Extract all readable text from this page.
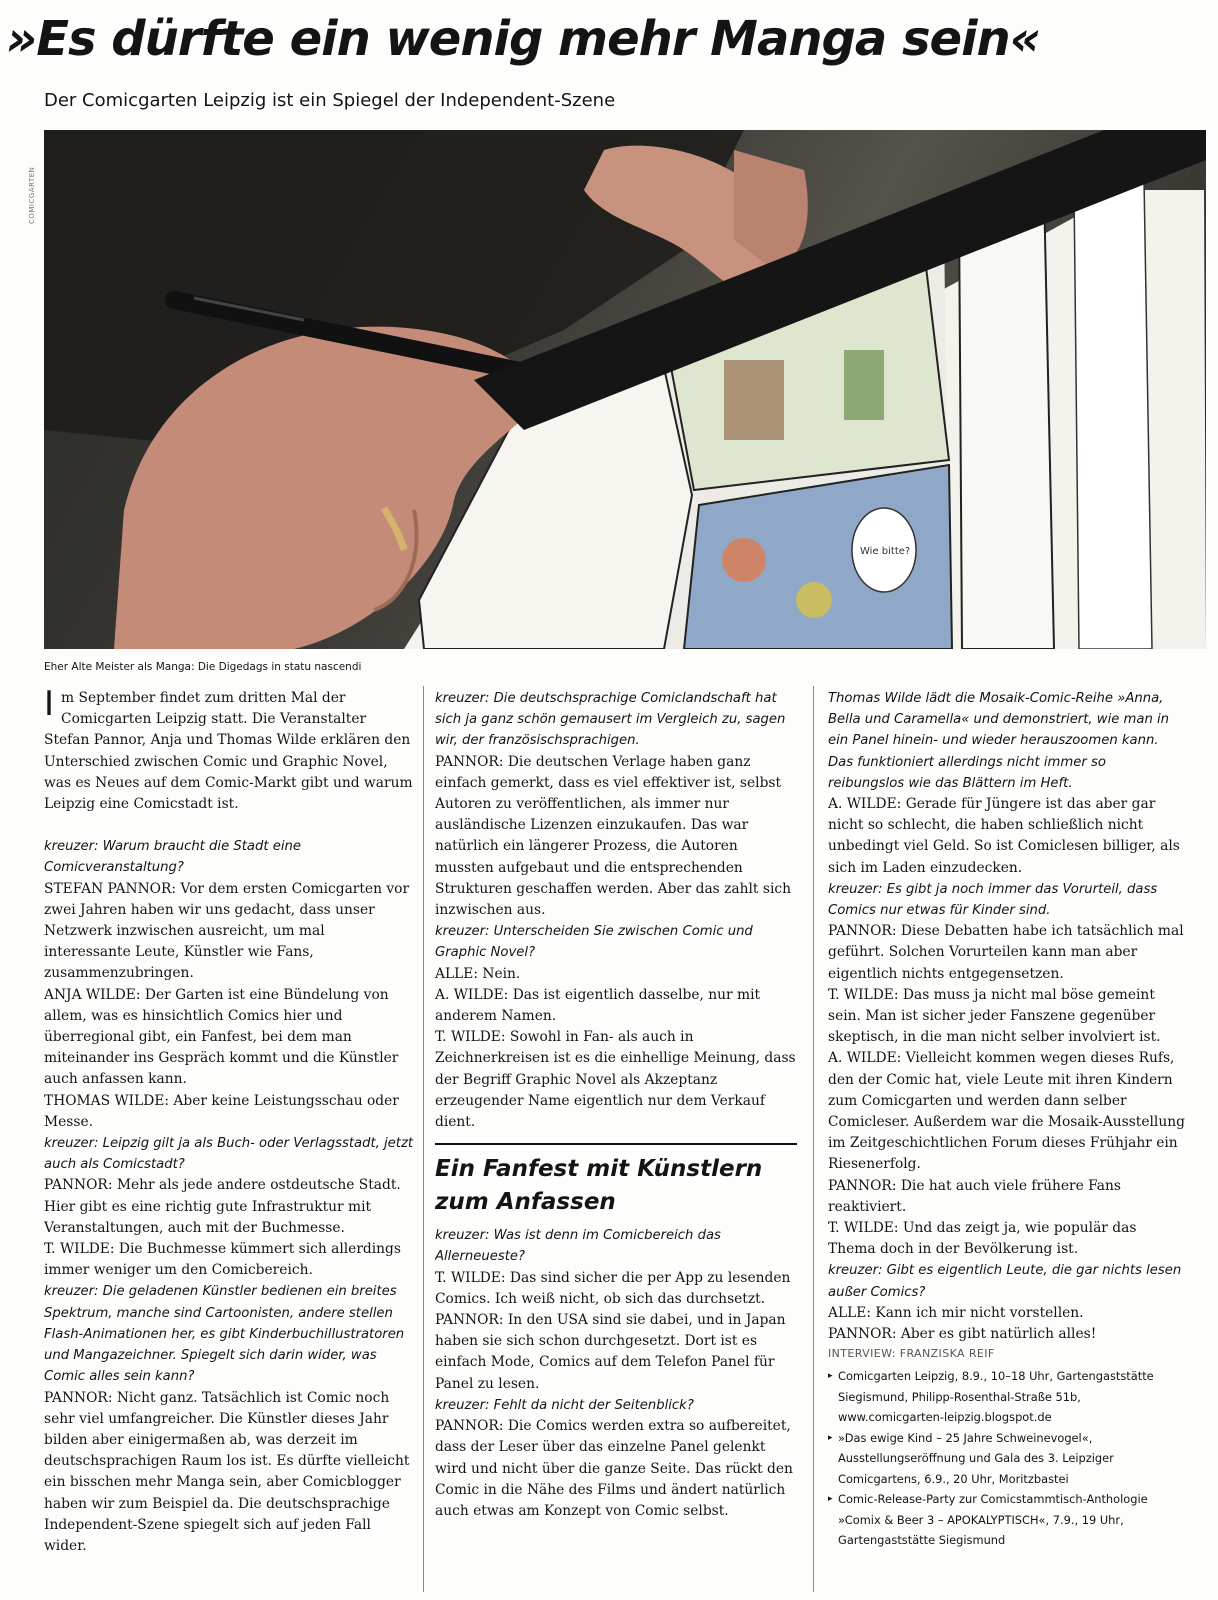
»Es dürfte ein wenig mehr Manga sein«

Der Comicgarten Leipzig ist ein Spiegel der Independent-Szene

COMICGARTEN
Wie bitte?

Eher Alte Meister als Manga: Die Digedags in statu nascendi

Im September findet zum dritten Mal der Comicgarten Leipzig statt. Die Veranstalter Stefan Pannor, Anja und Thomas Wilde erklären den Unterschied zwischen Comic und Graphic Novel, was es Neues auf dem Comic-Markt gibt und warum Leipzig eine Comicstadt ist.

kreuzer: Warum braucht die Stadt eine Comicveranstaltung?

STEFAN PANNOR: Vor dem ersten Comicgarten vor zwei Jahren haben wir uns gedacht, dass unser Netzwerk inzwischen ausreicht, um mal interessante Leute, Künstler wie Fans, zusammenzubringen.

ANJA WILDE: Der Garten ist eine Bündelung von allem, was es hinsichtlich Comics hier und überregional gibt, ein Fanfest, bei dem man miteinander ins Gespräch kommt und die Künstler auch anfassen kann.

THOMAS WILDE: Aber keine Leistungsschau oder Messe.

kreuzer: Leipzig gilt ja als Buch- oder Verlagsstadt, jetzt auch als Comicstadt?

PANNOR: Mehr als jede andere ostdeutsche Stadt. Hier gibt es eine richtig gute Infrastruktur mit Veranstaltungen, auch mit der Buchmesse.

T. WILDE: Die Buchmesse kümmert sich allerdings immer weniger um den Comicbereich.

kreuzer: Die geladenen Künstler bedienen ein breites Spektrum, manche sind Cartoonisten, andere stellen Flash-Animationen her, es gibt Kinderbuchillustratoren und Mangazeichner. Spiegelt sich darin wider, was Comic alles sein kann?

PANNOR: Nicht ganz. Tatsächlich ist Comic noch sehr viel umfangreicher. Die Künstler dieses Jahr bilden aber einigermaßen ab, was derzeit im deutschsprachigen Raum los ist. Es dürfte vielleicht ein bisschen mehr Manga sein, aber Comicblogger haben wir zum Beispiel da. Die deutschsprachige Independent-Szene spiegelt sich auf jeden Fall wider.

kreuzer: Die deutschsprachige Comiclandschaft hat sich ja ganz schön gemausert im Vergleich zu, sagen wir, der französischsprachigen.

PANNOR: Die deutschen Verlage haben ganz einfach gemerkt, dass es viel effektiver ist, selbst Autoren zu veröffentlichen, als immer nur ausländische Lizenzen einzukaufen. Das war natürlich ein längerer Prozess, die Autoren mussten aufgebaut und die entsprechenden Strukturen geschaffen werden. Aber das zahlt sich inzwischen aus.

kreuzer: Unterscheiden Sie zwischen Comic und Graphic Novel?

ALLE: Nein.

A. WILDE: Das ist eigentlich dasselbe, nur mit anderem Namen.

T. WILDE: Sowohl in Fan- als auch in Zeichnerkreisen ist es die einhellige Meinung, dass der Begriff Graphic Novel als Akzeptanz erzeugender Name eigentlich nur dem Verkauf dient.

Ein Fanfest mit Künstlern zum Anfassen

kreuzer: Was ist denn im Comicbereich das Allerneueste?

T. WILDE: Das sind sicher die per App zu lesenden Comics. Ich weiß nicht, ob sich das durchsetzt.

PANNOR: In den USA sind sie dabei, und in Japan haben sie sich schon durchgesetzt. Dort ist es einfach Mode, Comics auf dem Telefon Panel für Panel zu lesen.

kreuzer: Fehlt da nicht der Seitenblick?

PANNOR: Die Comics werden extra so aufbereitet, dass der Leser über das einzelne Panel gelenkt wird und nicht über die ganze Seite. Das rückt den Comic in die Nähe des Films und ändert natürlich auch etwas am Konzept von Comic selbst.

Thomas Wilde lädt die Mosaik-Comic-Reihe »Anna, Bella und Caramella« und demonstriert, wie man in ein Panel hinein- und wieder herauszoomen kann. Das funktioniert allerdings nicht immer so reibungslos wie das Blättern im Heft.

A. WILDE: Gerade für Jüngere ist das aber gar nicht so schlecht, die haben schließlich nicht unbedingt viel Geld. So ist Comiclesen billiger, als sich im Laden einzudecken.

kreuzer: Es gibt ja noch immer das Vorurteil, dass Comics nur etwas für Kinder sind.

PANNOR: Diese Debatten habe ich tatsächlich mal geführt. Solchen Vorurteilen kann man aber eigentlich nichts entgegensetzen.

T. WILDE: Das muss ja nicht mal böse gemeint sein. Man ist sicher jeder Fanszene gegenüber skeptisch, in die man nicht selber involviert ist.

A. WILDE: Vielleicht kommen wegen dieses Rufs, den der Comic hat, viele Leute mit ihren Kindern zum Comicgarten und werden dann selber Comicleser. Außerdem war die Mosaik-Ausstellung im Zeitgeschichtlichen Forum dieses Frühjahr ein Riesenerfolg.

PANNOR: Die hat auch viele frühere Fans reaktiviert.

T. WILDE: Und das zeigt ja, wie populär das Thema doch in der Bevölkerung ist.

kreuzer: Gibt es eigentlich Leute, die gar nichts lesen außer Comics?

ALLE: Kann ich mir nicht vorstellen.

PANNOR: Aber es gibt natürlich alles!

INTERVIEW: FRANZISKA REIF

▸ Comicgarten Leipzig, 8.9., 10–18 Uhr, Gartengaststätte Siegismund, Philipp-Rosenthal-Straße 51b, www.comicgarten-leipzig.blogspot.de

▸ »Das ewige Kind – 25 Jahre Schweinevogel«, Ausstellungseröffnung und Gala des 3. Leipziger Comicgartens, 6.9., 20 Uhr, Moritzbastei

▸ Comic-Release-Party zur Comicstammtisch-Anthologie »Comix & Beer 3 – APOKALYPTISCH«, 7.9., 19 Uhr, Gartengaststätte Siegismund
